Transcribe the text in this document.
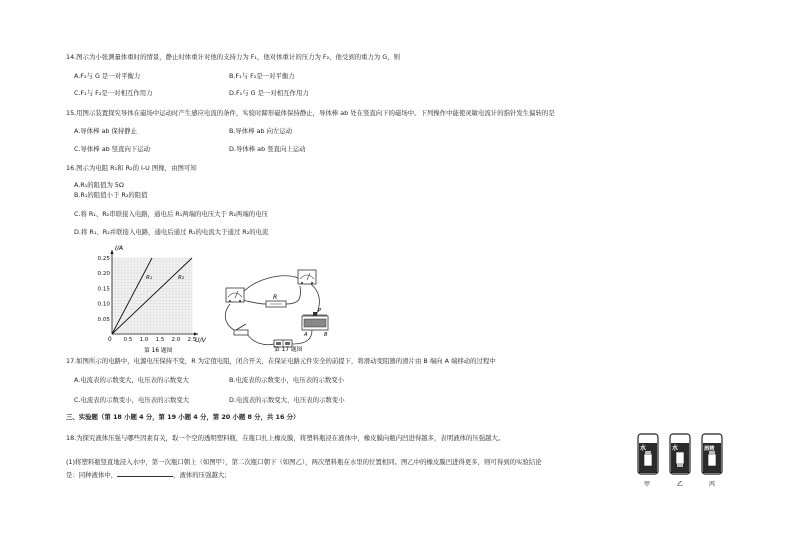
14.图示为小张测量体重时的情景，静止时体重计对他的支持力为 F₁，他对体重计的压力为 F₂，他受到的重力为 G，则
A.F₂与 G 是一对平衡力	B.F₁与 F₂是一对平衡力
C.F₁与 F₂是一对相互作用力	D.F₁与 G 是一对相互作用力
15.用图示装置探究导体在磁场中运动时产生感应电流的条件，实验时蹄形磁体保持静止，导体棒 ab 处在竖直向下的磁场中。下列操作中能使灵敏电流计的指针发生偏转的是
A.导体棒 ab 保持静止	B.导体棒 ab 向左运动
C.导体棒 ab 竖直向下运动	D.导体棒 ab 竖直向上运动
16.图示为电阻 R₁和 R₂的 I-U 图像，由图可知
A.R₁的阻值为 5Ω
B.R₁的阻值小于 R₂的阻值
C.将 R₁、R₂串联接入电路，通电后 R₁两端的电压大于 R₂两端的电压
D.将 R₁、R₂并联接入电路，通电后通过 R₁的电流大于通过 R₂的电流
R₁	R₂
0.5 1.0 1.5 2.0 2.5
0.05
0.10
0.15
0.20
0.25
I/A
U/V
0
第 16 题图
R
P
A	B
第 17 题图
17.如图所示的电路中，电源电压保持不变，R 为定值电阻，闭合开关，在保证电路元件安全的前提下，将滑动变阻器的滑片由 B 端向 A 端移动的过程中
A.电流表的示数变大，电压表的示数变大	B.电流表的示数变小，电压表的示数变小
C.电流表的示数变小，电压表的示数变大	D.电流表的示数变大，电压表的示数变小
三、实验题（第 18 小题 4 分，第 19 小题 4 分，第 20 小题 8 分，共 16 分）
18.为探究液体压强与哪些因素有关，取一个空的透明塑料瓶，在瓶口扎上橡皮膜，将塑料瓶浸在液体中，橡皮膜向瓶内凹进得越多，表明液体的压强越大。
(1)将塑料瓶竖直地浸入水中，第一次瓶口朝上（如图甲），第二次瓶口朝下（如图乙），两次塑料瓶在水里的位置相同。图乙中的橡皮膜凹进得更多，则可得到的实验结论
是：同种液体中，	，液体的压强越大；
水
甲
水
乙
酒精
丙
